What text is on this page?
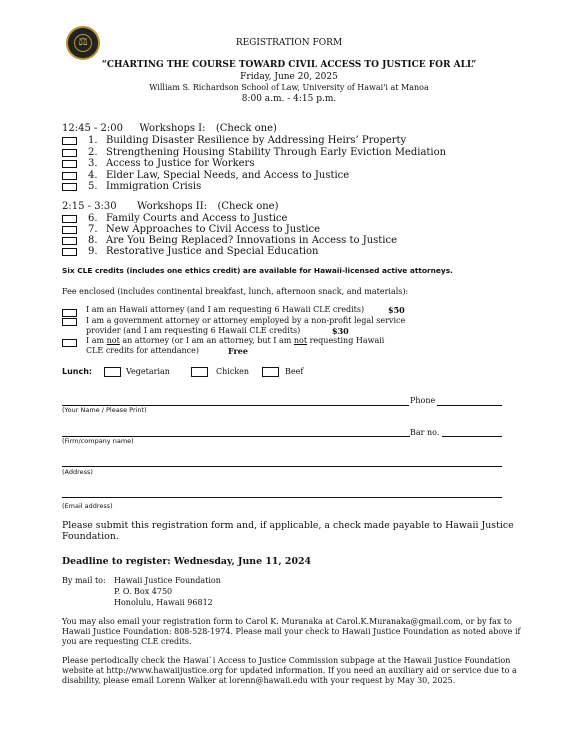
⚖	REGISTRATION FORM
“CHARTING THE COURSE TOWARD CIVIL ACCESS TO JUSTICE FOR ALL”
Friday, June 20, 2025
William S. Richardson School of Law, University of Hawai'i at Manoa
8:00 a.m. - 4:15 p.m.
12:45 - 2:00 Workshops I: (Check one)
1. Building Disaster Resilience by Addressing Heirs’ Property
2. Strengthening Housing Stability Through Early Eviction Mediation
3. Access to Justice for Workers
4. Elder Law, Special Needs, and Access to Justice
5. Immigration Crisis
2:15 - 3:30 Workshops II: (Check one)
6. Family Courts and Access to Justice
7. New Approaches to Civil Access to Justice
8. Are You Being Replaced? Innovations in Access to Justice
9. Restorative Justice and Special Education
Six CLE credits (includes one ethics credit) are available for Hawaii-licensed active attorneys.
Fee enclosed (includes continental breakfast, lunch, afternoon snack, and materials):
I am an Hawaii attorney (and I am requesting 6 Hawaii CLE credits)	$50
I am a government attorney or attorney employed by a non-profit legal service
provider (and I am requesting 6 Hawaii CLE credits)	$30
I am not an attorney (or I am an attorney, but I am not requesting Hawaii
CLE credits for attendance)	Free
Lunch:	Vegetarian	Chicken	Beef
Phone
(Your Name / Please Print)
Bar no.
(Firm/company name)
(Address)
(Email address)
Please submit this registration form and, if applicable, a check made payable to Hawaii Justice Foundation.
Deadline to register: Wednesday, June 11, 2024
By mail to: Hawaii Justice Foundation
P. O. Box 4750
Honolulu, Hawaii 96812
You may also email your registration form to Carol K. Muranaka at Carol.K.Muranaka@gmail.com, or by fax to Hawaii Justice Foundation: 808-528-1974. Please mail your check to Hawaii Justice Foundation as noted above if you are requesting CLE credits.
Please periodically check the Hawai`i Access to Justice Commission subpage at the Hawaii Justice Foundation website at http://www.hawaiijustice.org for updated information. If you need an auxiliary aid or service due to a disability, please email Lorenn Walker at lorenn@hawaii.edu with your request by May 30, 2025.
